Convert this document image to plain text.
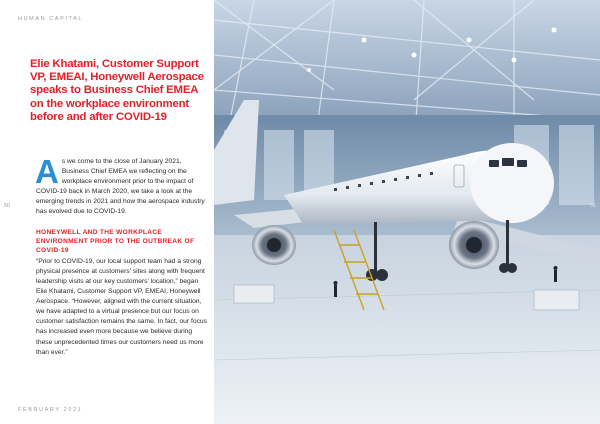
HUMAN CAPITAL
Elie Khatami, Customer Support VP, EMEAI, Honeywell Aerospace speaks to Business Chief EMEA on the workplace environment before and after COVID-19
50

As we come to the close of January 2021, Business Chief EMEA we reflecting on the workplace environment prior to the impact of COVID-19 back in March 2020, we take a look at the emerging trends in 2021 and how the aerospace industry has evolved due to COVID-19.

HONEYWELL AND THE WORKPLACE ENVIRONMENT PRIOR TO THE OUTBREAK OF COVID-19

“Prior to COVID-19, our local support team had a strong physical presence at customers’ sites along with frequent leadership visits at our key customers’ location,” began Elie Khatami, Customer Support VP, EMEAI, Honeywell Aerospace. “However, aligned with the current situation, we have adapted to a virtual presence but our focus on customer satisfaction remains the same. In fact, our focus has increased even more because we believe during these unprecedented times our customers need us more than ever.”

FEBRUARY 2021
51
BUSINESSCHIEF.EU
